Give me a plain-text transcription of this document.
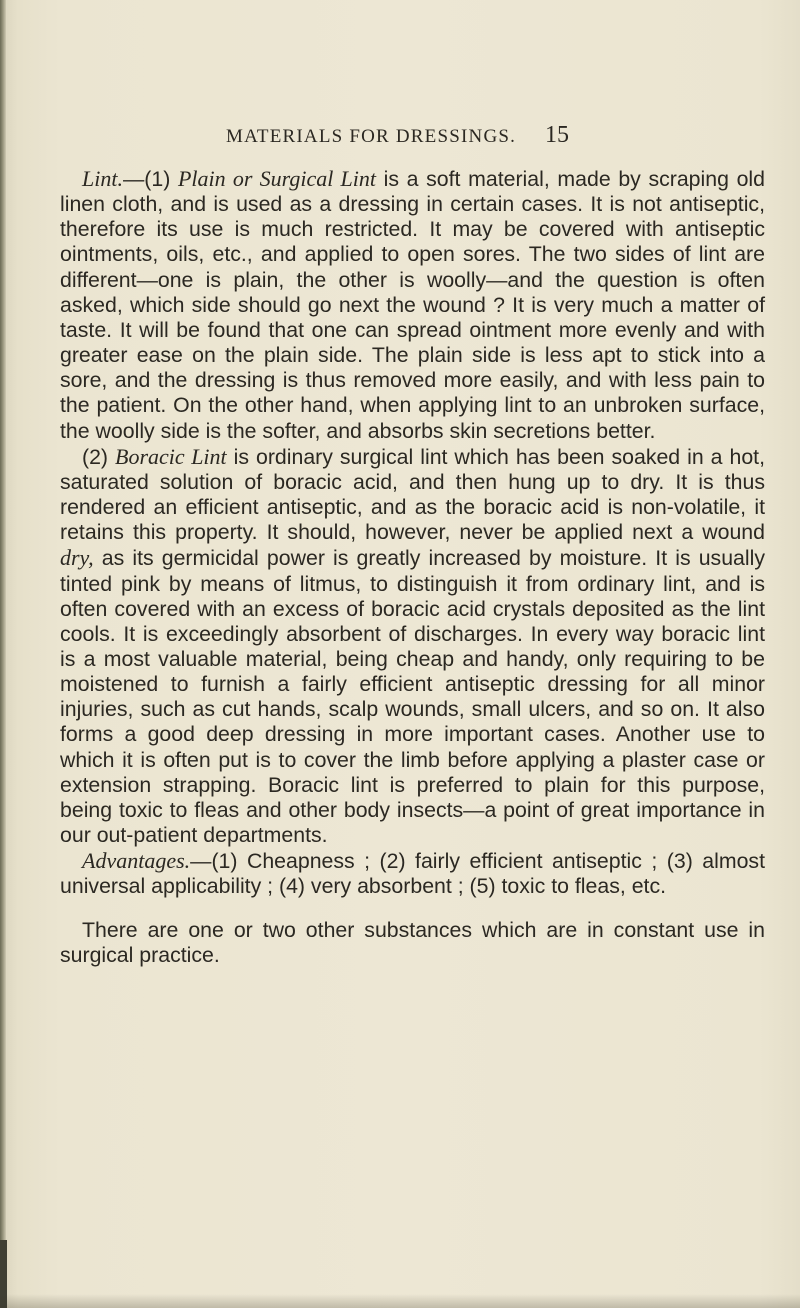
MATERIALS FOR DRESSINGS. 15

Lint.—(1) Plain or Surgical Lint is a soft material, made by scraping old linen cloth, and is used as a dressing in certain cases. It is not antiseptic, therefore its use is much restricted. It may be covered with antiseptic ointments, oils, etc., and applied to open sores. The two sides of lint are different—one is plain, the other is woolly—and the question is often asked, which side should go next the wound ? It is very much a matter of taste. It will be found that one can spread ointment more evenly and with greater ease on the plain side. The plain side is less apt to stick into a sore, and the dressing is thus removed more easily, and with less pain to the patient. On the other hand, when applying lint to an unbroken surface, the woolly side is the softer, and absorbs skin secretions better.

(2) Boracic Lint is ordinary surgical lint which has been soaked in a hot, saturated solution of boracic acid, and then hung up to dry. It is thus rendered an efficient antiseptic, and as the boracic acid is non-volatile, it retains this property. It should, however, never be applied next a wound dry, as its germicidal power is greatly increased by moisture. It is usually tinted pink by means of litmus, to distinguish it from ordinary lint, and is often covered with an excess of boracic acid crystals deposited as the lint cools. It is exceedingly absorbent of discharges. In every way boracic lint is a most valuable material, being cheap and handy, only requiring to be moistened to furnish a fairly efficient antiseptic dressing for all minor injuries, such as cut hands, scalp wounds, small ulcers, and so on. It also forms a good deep dressing in more important cases. Another use to which it is often put is to cover the limb before applying a plaster case or extension strapping. Boracic lint is preferred to plain for this purpose, being toxic to fleas and other body insects—a point of great importance in our out-patient departments.

Advantages.—(1) Cheapness ; (2) fairly efficient antiseptic ; (3) almost universal applicability ; (4) very absorbent ; (5) toxic to fleas, etc.

There are one or two other substances which are in constant use in surgical practice.
